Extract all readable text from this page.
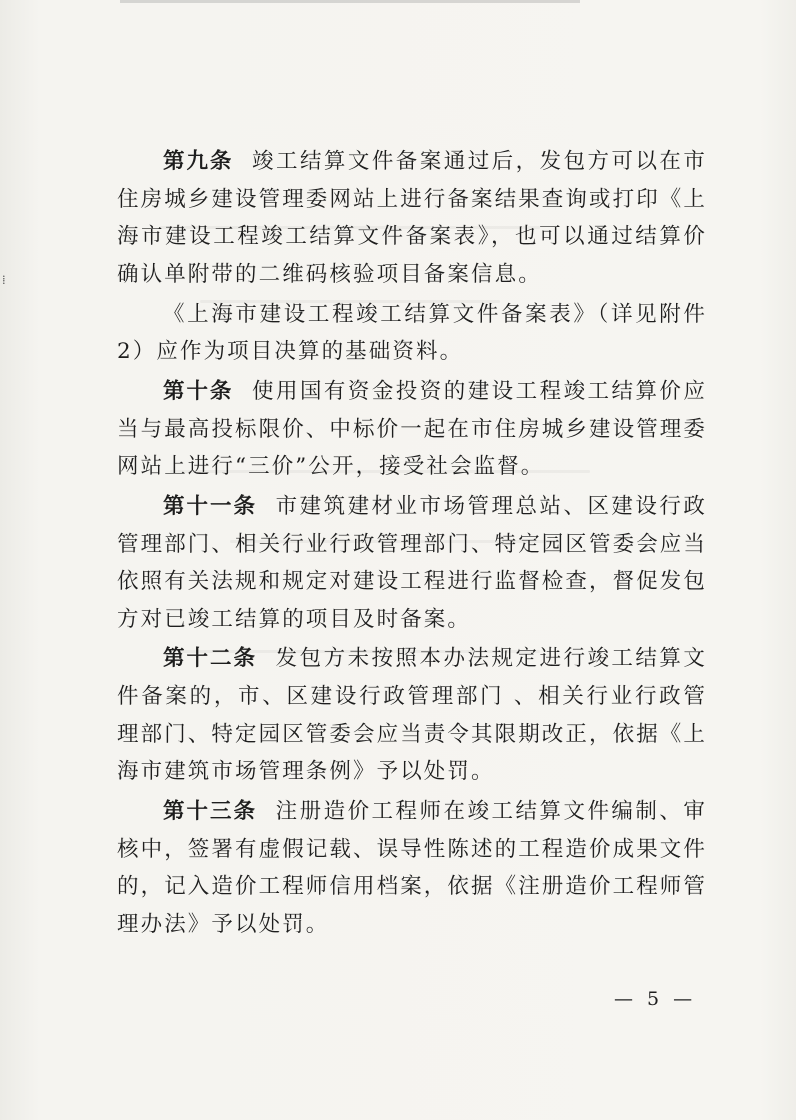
⁞

第九条 竣工结算文件备案通过后，发包方可以在市住房城乡建设管理委网站上进行备案结果查询或打印《上海市建设工程竣工结算文件备案表》，也可以通过结算价确认单附带的二维码核验项目备案信息。

《上海市建设工程竣工结算文件备案表》（详见附件2）应作为项目决算的基础资料。

第十条 使用国有资金投资的建设工程竣工结算价应当与最高投标限价、中标价一起在市住房城乡建设管理委网站上进行“三价”公开，接受社会监督。

第十一条 市建筑建材业市场管理总站、区建设行政管理部门、相关行业行政管理部门、特定园区管委会应当依照有关法规和规定对建设工程进行监督检查，督促发包方对已竣工结算的项目及时备案。

第十二条 发包方未按照本办法规定进行竣工结算文件备案的，市、区建设行政管理部门 、相关行业行政管理部门、特定园区管委会应当责令其限期改正，依据《上海市建筑市场管理条例》予以处罚。

第十三条 注册造价工程师在竣工结算文件编制、审核中，签署有虚假记载、误导性陈述的工程造价成果文件的，记入造价工程师信用档案，依据《注册造价工程师管理办法》予以处罚。

— 5 —
